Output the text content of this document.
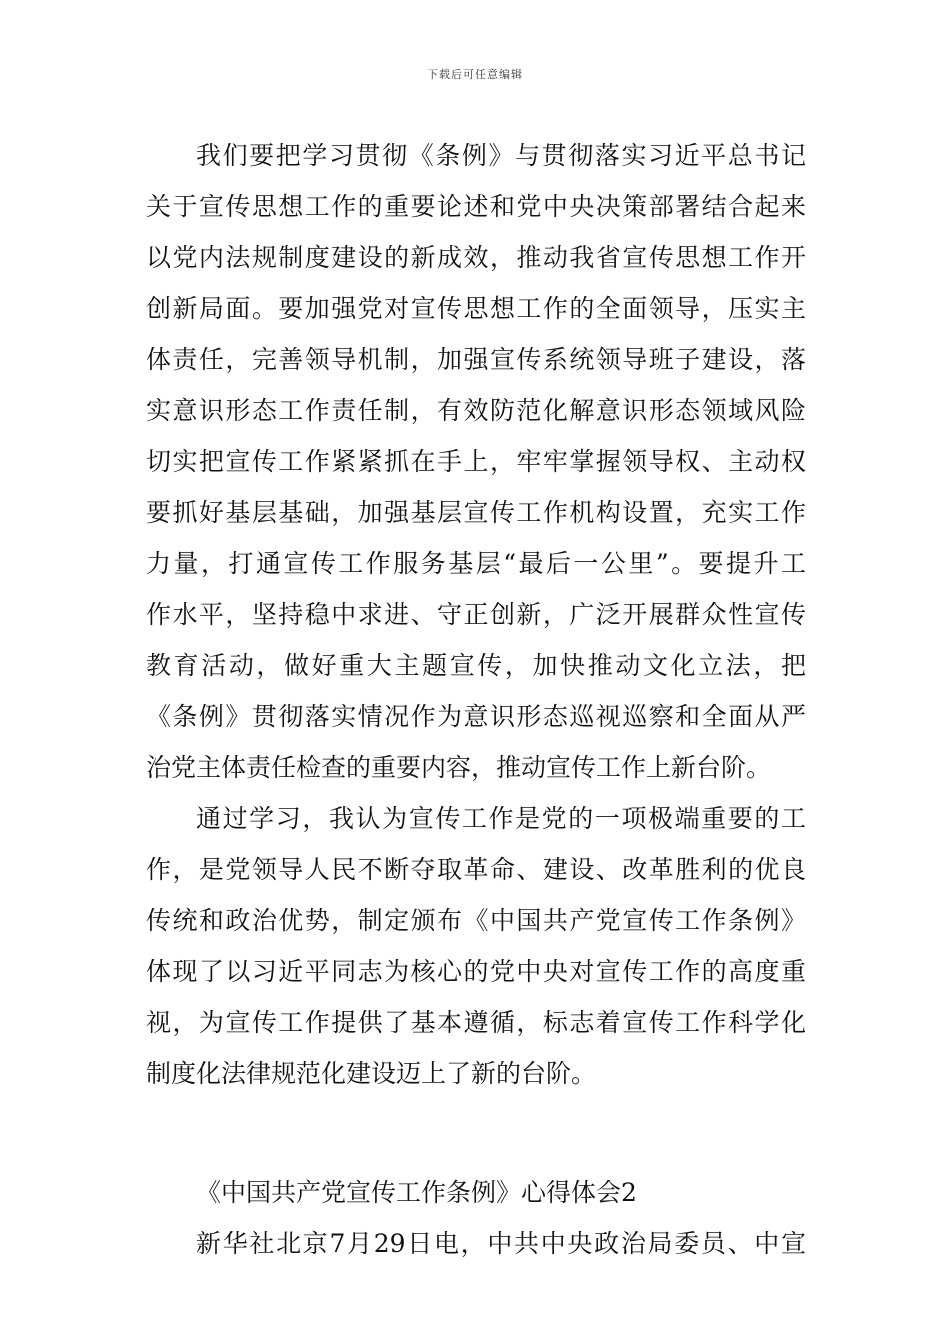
下载后可任意编辑
我们要把学习贯彻《条例》与贯彻落实习近平总书记
关于宣传思想工作的重要论述和党中央决策部署结合起来
以党内法规制度建设的新成效，推动我省宣传思想工作开
创新局面。要加强党对宣传思想工作的全面领导，压实主
体责任，完善领导机制，加强宣传系统领导班子建设，落
实意识形态工作责任制，有效防范化解意识形态领域风险
切实把宣传工作紧紧抓在手上，牢牢掌握领导权、主动权
要抓好基层基础，加强基层宣传工作机构设置，充实工作
力量，打通宣传工作服务基层“最后一公里”。要提升工
作水平，坚持稳中求进、守正创新，广泛开展群众性宣传
教育活动，做好重大主题宣传，加快推动文化立法，把
《条例》贯彻落实情况作为意识形态巡视巡察和全面从严
治党主体责任检查的重要内容，推动宣传工作上新台阶。
通过学习，我认为宣传工作是党的一项极端重要的工
作，是党领导人民不断夺取革命、建设、改革胜利的优良
传统和政治优势，制定颁布《中国共产党宣传工作条例》
体现了以习近平同志为核心的党中央对宣传工作的高度重
视，为宣传工作提供了基本遵循，标志着宣传工作科学化
制度化法律规范化建设迈上了新的台阶。
《中国共产党宣传工作条例》心得体会2
新华社北京7月29日电，中共中央政治局委员、中宣
